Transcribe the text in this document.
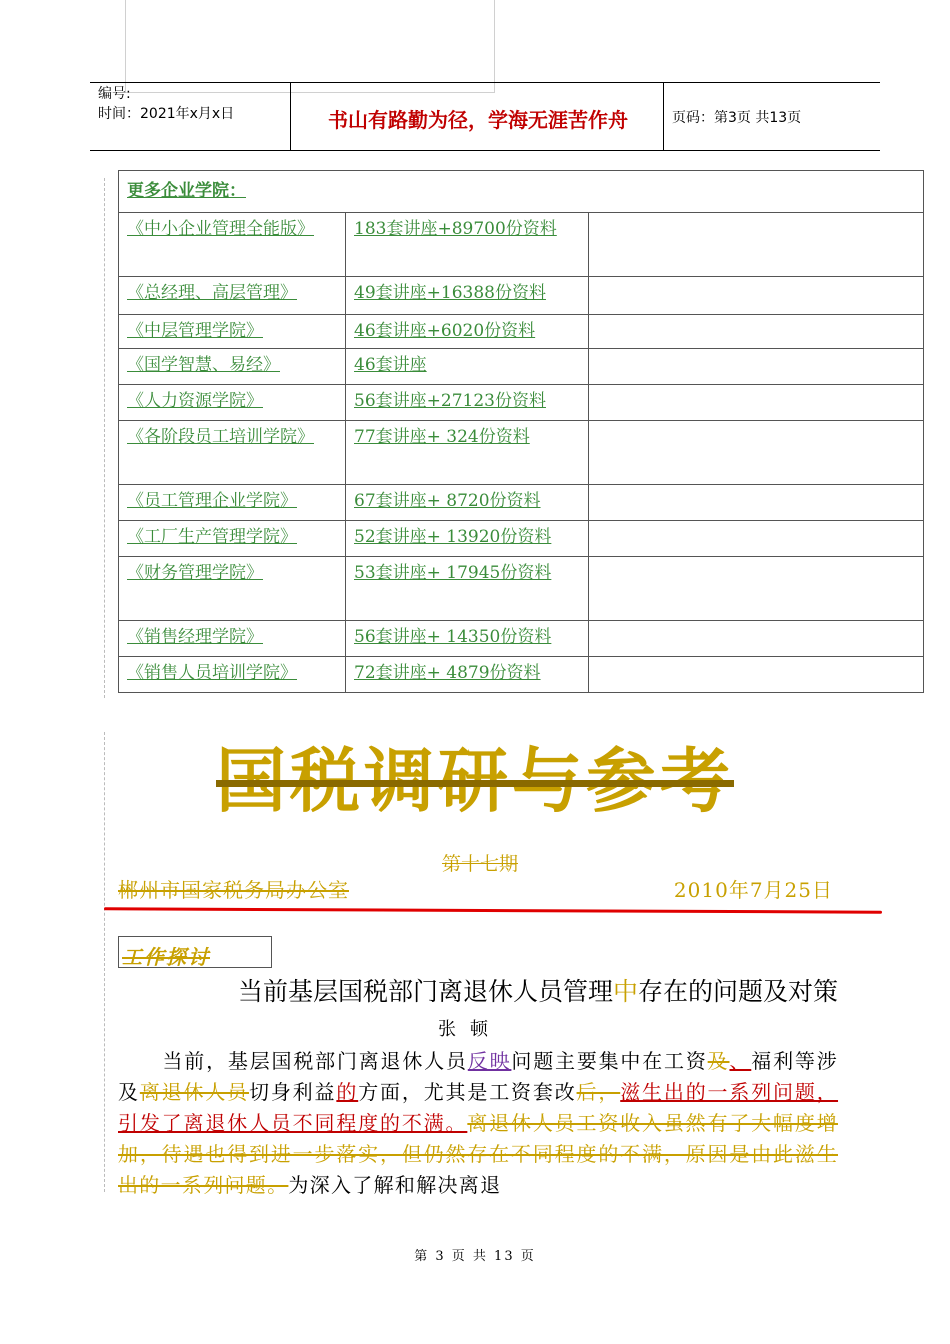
编号:
时间：2021年x月x日	书山有路勤为径，学海无涯苦作舟	页码：第3页 共13页
更多企业学院：		
《中小企业管理全能版》	183套讲座+89700份资料	
《总经理、高层管理》	49套讲座+16388份资料	
《中层管理学院》	46套讲座+6020份资料	
《国学智慧、易经》	46套讲座	
《人力资源学院》	56套讲座+27123份资料	
《各阶段员工培训学院》	77套讲座+ 324份资料	
《员工管理企业学院》	67套讲座+ 8720份资料	
《工厂生产管理学院》	52套讲座+ 13920份资料	
《财务管理学院》	53套讲座+ 17945份资料	
《销售经理学院》	56套讲座+ 14350份资料	
《销售人员培训学院》	72套讲座+ 4879份资料	
国税调研与参考
第十七期
郴州市国家税务局办公室	2010年7月25日
工作探讨
当前基层国税部门离退休人员管理中存在的问题及对策
张顿
当前，基层国税部门离退休人员反映问题主要集中在工资及、福利等涉及离退休人员切身利益的方面，尤其是工资套改后，滋生出的一系列问题，引发了离退休人员不同程度的不满。离退休人员工资收入虽然有了大幅度增加，待遇也得到进一步落实，但仍然存在不同程度的不满，原因是由此滋生出的一系列问题。为深入了解和解决离退
第 3 页 共 13 页
